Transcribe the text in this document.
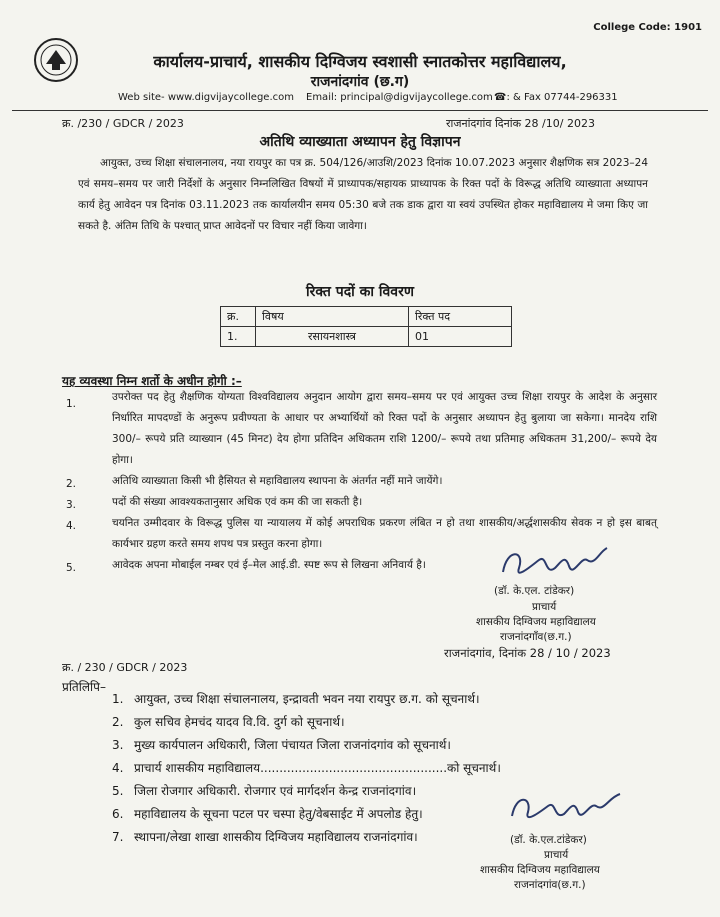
College Code: 1901
कार्यालय-प्राचार्य, शासकीय दिग्विजय स्वशासी स्नातकोत्तर महाविद्यालय,
राजनांदगांव (छ.ग)
Web site- www.digvijaycollege.com Email: principal@digvijaycollege.com ☎: & Fax 07744-296331
क्र. /230 / GDCR / 2023	राजनांदगांव दिनांक 28 /10/ 2023
अतिथि व्याख्याता अध्यापन हेतु विज्ञापन
आयुक्त, उच्च शिक्षा संचालनालय, नया रायपुर का पत्र क्र. 504/126/आउशि/2023 दिनांक 10.07.2023 अनुसार शैक्षणिक सत्र 2023–24 एवं समय–समय पर जारी निर्देशों के अनुसार निम्नलिखित विषयों में प्राध्यापक/सहायक प्राध्यापक के रिक्त पदों के विरूद्ध अतिथि व्याख्याता अध्यापन कार्य हेतु आवेदन पत्र दिनांक 03.11.2023 तक कार्यालयीन समय 05:30 बजे तक डाक द्वारा या स्वयं उपस्थित होकर महाविद्यालय मे जमा किए जा सकते है. अंतिम तिथि के पश्चात् प्राप्त आवेदनों पर विचार नहीं किया जावेगा।
रिक्त पदों का विवरण
क्र.	विषय	रिक्त पद
1.	रसायनशास्त्र	01
यह व्यवस्था निम्न शर्तो के अधीन होगी :–
1.
उपरोक्त पद हेतु शैक्षणिक योग्यता विश्वविद्यालय अनुदान आयोग द्वारा समय–समय पर एवं आयुक्त उच्च शिक्षा रायपुर के आदेश के अनुसार निर्धारित मापदण्डों के अनुरूप प्रवीण्यता के आधार पर अभ्यार्थियों को रिक्त पदों के अनुसार अध्यापन हेतु बुलाया जा सकेगा। मानदेय राशि 300/– रूपये प्रति व्याख्यान (45 मिनट) देय होगा प्रतिदिन अधिकतम राशि 1200/– रूपये तथा प्रतिमाह अधिकतम 31,200/– रूपये देय होगा।
2.	अतिथि व्याख्याता किसी भी हैसियत से महाविद्यालय स्थापना के अंतर्गत नहीं माने जायेंगे।
3.	पदों की संख्या आवश्यकतानुसार अधिक एवं कम की जा सकती है।
4.	चयनित उम्मीदवार के विरूद्ध पुलिस या न्यायालय में कोई अपराधिक प्रकरण लंबित न हो तथा शासकीय/अर्द्धशासकीय सेवक न हो इस बाबत् कार्यभार ग्रहण करते समय शपथ पत्र प्रस्तुत करना होगा।
5.	आवेदक अपना मोबाईल नम्बर एवं ई–मेल आई.डी. स्पष्ट रूप से लिखना अनिवार्य है।
(डॉ. के.एल. टांडेकर)
प्राचार्य
शासकीय दिग्विजय महाविद्यालय
राजनांदगाँव(छ.ग.)
राजनांदगांव, दिनांक 28 / 10 / 2023
क्र. / 230 / GDCR / 2023
प्रतिलिपि–
1. आयुक्त, उच्च शिक्षा संचालनालय, इन्द्रावती भवन नया रायपुर छ.ग. को सूचनार्थ।
2. कुल सचिव हेमचंद यादव वि.वि. दुर्ग को सूचनार्थ।
3. मुख्य कार्यपालन अधिकारी, जिला पंचायत जिला राजनांदगांव को सूचनार्थ।
4. प्राचार्य शासकीय महाविद्यालय.................................................को सूचनार्थ।
5. जिला रोजगार अधिकारी. रोजगार एवं मार्गदर्शन केन्द्र राजनांदगांव।
6. महाविद्यालय के सूचना पटल पर चस्पा हेतु/वेबसाईट में अपलोड हेतु।
7. स्थापना/लेखा शाखा शासकीय दिग्विजय महाविद्यालय राजनांदगांव।	(डॉ. के.एल.टांडेकर)
प्राचार्य
शासकीय दिग्विजय महाविद्यालय
राजनांदगांव(छ.ग.)
